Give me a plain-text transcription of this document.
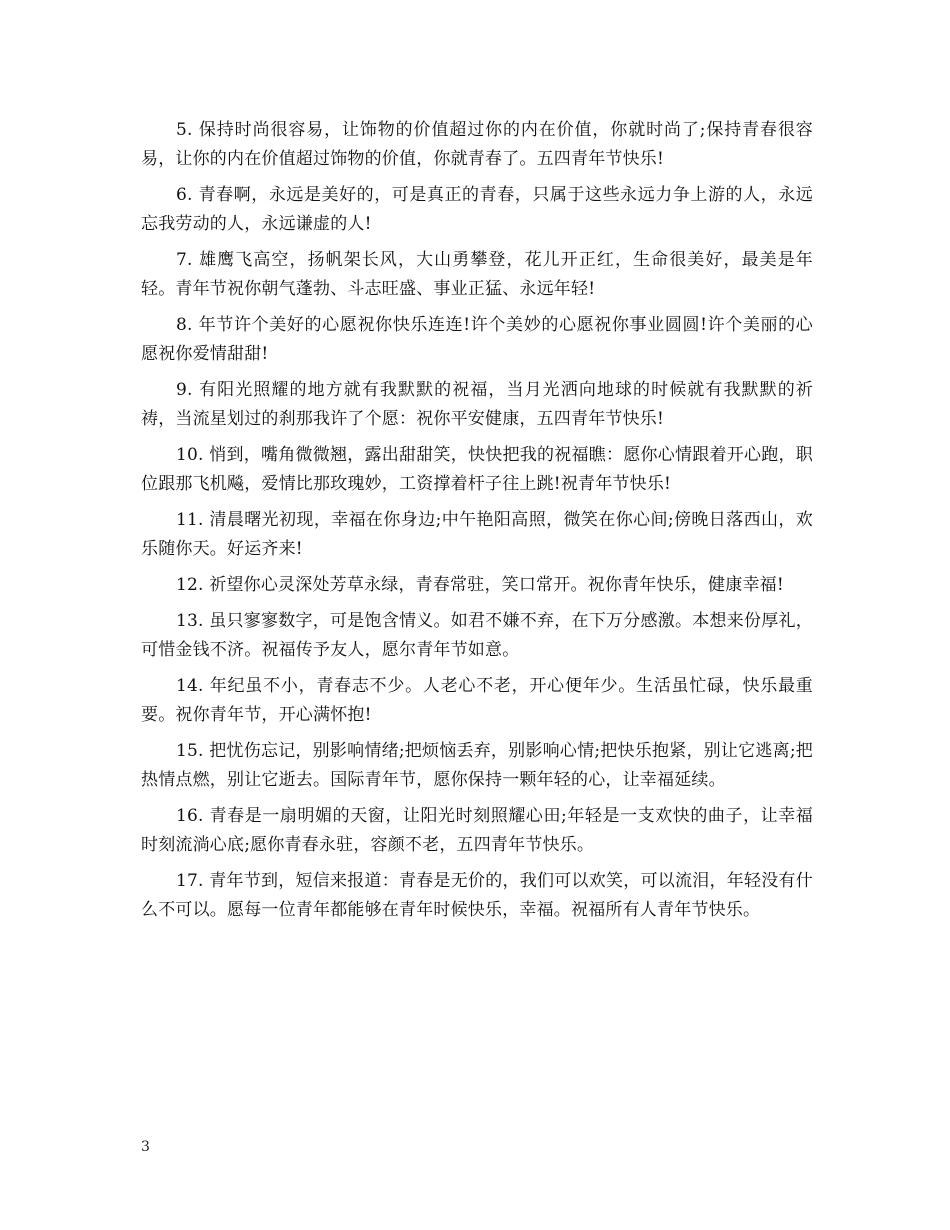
5. 保持时尚很容易，让饰物的价值超过你的内在价值，你就时尚了;保持青春很容易，让你的内在价值超过饰物的价值，你就青春了。五四青年节快乐!

6. 青春啊，永远是美好的，可是真正的青春，只属于这些永远力争上游的人，永远忘我劳动的人，永远谦虚的人!

7. 雄鹰飞高空，扬帆架长风，大山勇攀登，花儿开正红，生命很美好，最美是年轻。青年节祝你朝气蓬勃、斗志旺盛、事业正猛、永远年轻!

8. 年节许个美好的心愿祝你快乐连连!许个美妙的心愿祝你事业圆圆!许个美丽的心愿祝你爱情甜甜!

9. 有阳光照耀的地方就有我默默的祝福，当月光洒向地球的时候就有我默默的祈祷，当流星划过的刹那我许了个愿：祝你平安健康，五四青年节快乐!

10. 悄到，嘴角微微翘，露出甜甜笑，快快把我的祝福瞧：愿你心情跟着开心跑，职位跟那飞机飚，爱情比那玫瑰妙，工资撑着杆子往上跳!祝青年节快乐!

11. 清晨曙光初现，幸福在你身边;中午艳阳高照，微笑在你心间;傍晚日落西山，欢乐随你天。好运齐来!

12. 祈望你心灵深处芳草永绿，青春常驻，笑口常开。祝你青年快乐，健康幸福!

13. 虽只寥寥数字，可是饱含情义。如君不嫌不弃，在下万分感激。本想来份厚礼，可惜金钱不济。祝福传予友人，愿尔青年节如意。

14. 年纪虽不小，青春志不少。人老心不老，开心便年少。生活虽忙碌，快乐最重要。祝你青年节，开心满怀抱!

15. 把忧伤忘记，别影响情绪;把烦恼丢弃，别影响心情;把快乐抱紧，别让它逃离;把热情点燃，别让它逝去。国际青年节，愿你保持一颗年轻的心，让幸福延续。

16. 青春是一扇明媚的天窗，让阳光时刻照耀心田;年轻是一支欢快的曲子，让幸福时刻流淌心底;愿你青春永驻，容颜不老，五四青年节快乐。

17. 青年节到，短信来报道：青春是无价的，我们可以欢笑，可以流泪，年轻没有什么不可以。愿每一位青年都能够在青年时候快乐，幸福。祝福所有人青年节快乐。

3
